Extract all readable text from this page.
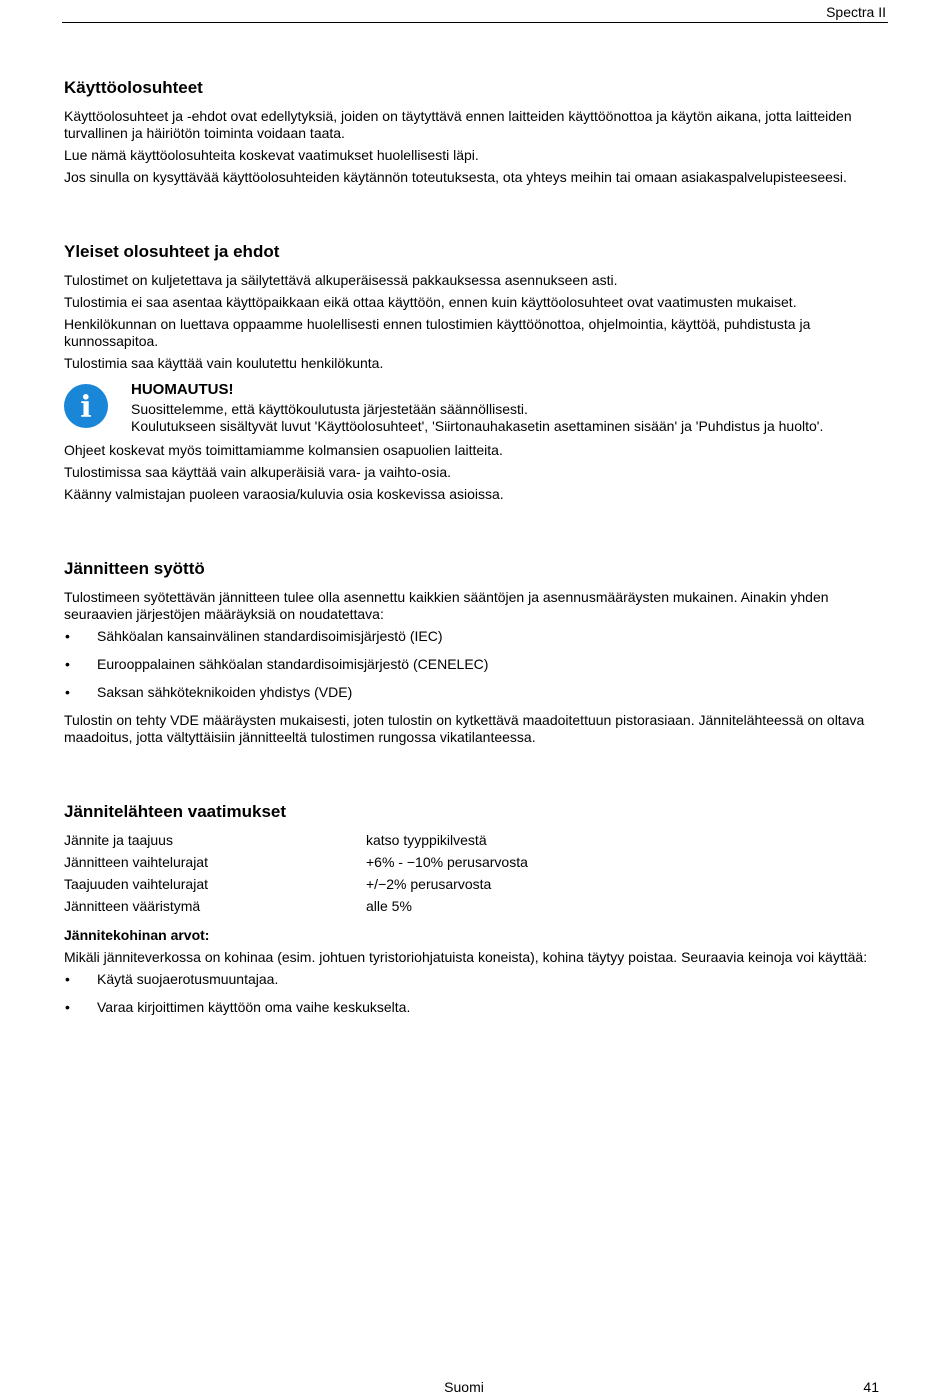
Spectra II
Käyttöolosuhteet

Käyttöolosuhteet ja -ehdot ovat edellytyksiä, joiden on täytyttävä ennen laitteiden käyttöönottoa ja käytön aikana, jotta laitteiden turvallinen ja häiriötön toiminta voidaan taata.

Lue nämä käyttöolosuhteita koskevat vaatimukset huolellisesti läpi.

Jos sinulla on kysyttävää käyttöolosuhteiden käytännön toteutuksesta, ota yhteys meihin tai omaan asiakaspalvelupisteeseesi.

Yleiset olosuhteet ja ehdot

Tulostimet on kuljetettava ja säilytettävä alkuperäisessä pakkauksessa asennukseen asti.

Tulostimia ei saa asentaa käyttöpaikkaan eikä ottaa käyttöön, ennen kuin käyttöolosuhteet ovat vaatimusten mukaiset.

Henkilökunnan on luettava oppaamme huolellisesti ennen tulostimien käyttöönottoa, ohjelmointia, käyttöä, puhdistusta ja kunnossapitoa.

Tulostimia saa käyttää vain koulutettu henkilökunta.

i
HUOMAUTUS!

Suosittelemme, että käyttökoulutusta järjestetään säännöllisesti.

Koulutukseen sisältyvät luvut 'Käyttöolosuhteet', 'Siirtonauhakasetin asettaminen sisään' ja 'Puhdistus ja huolto'.

Ohjeet koskevat myös toimittamiamme kolmansien osapuolien laitteita.

Tulostimissa saa käyttää vain alkuperäisiä vara- ja vaihto-osia.

Käänny valmistajan puoleen varaosia/kuluvia osia koskevissa asioissa.

Jännitteen syöttö

Tulostimeen syötettävän jännitteen tulee olla asennettu kaikkien sääntöjen ja asennusmääräysten mukainen. Ainakin yhden seuraavien järjestöjen määräyksiä on noudatettava:

• Sähköalan kansainvälinen standardisoimisjärjestö (IEC)
• Eurooppalainen sähköalan standardisoimisjärjestö (CENELEC)
• Saksan sähköteknikoiden yhdistys (VDE)

Tulostin on tehty VDE määräysten mukaisesti, joten tulostin on kytkettävä maadoitettuun pistorasiaan. Jännitelähteessä on oltava maadoitus, jotta vältyttäisiin jännitteeltä tulostimen rungossa vikatilanteessa.

Jännitelähteen vaatimukset
Jännite ja taajuus	katso tyyppikilvestä
Jännitteen vaihtelurajat	+6% - −10% perusarvosta
Taajuuden vaihtelurajat	+/−2% perusarvosta
Jännitteen vääristymä	alle 5%
Jännitekohinan arvot:

Mikäli jänniteverkossa on kohinaa (esim. johtuen tyristoriohjatuista koneista), kohina täytyy poistaa. Seuraavia keinoja voi käyttää:

• Käytä suojaerotusmuuntajaa.
• Varaa kirjoittimen käyttöön oma vaihe keskukselta.
Suomi	41
